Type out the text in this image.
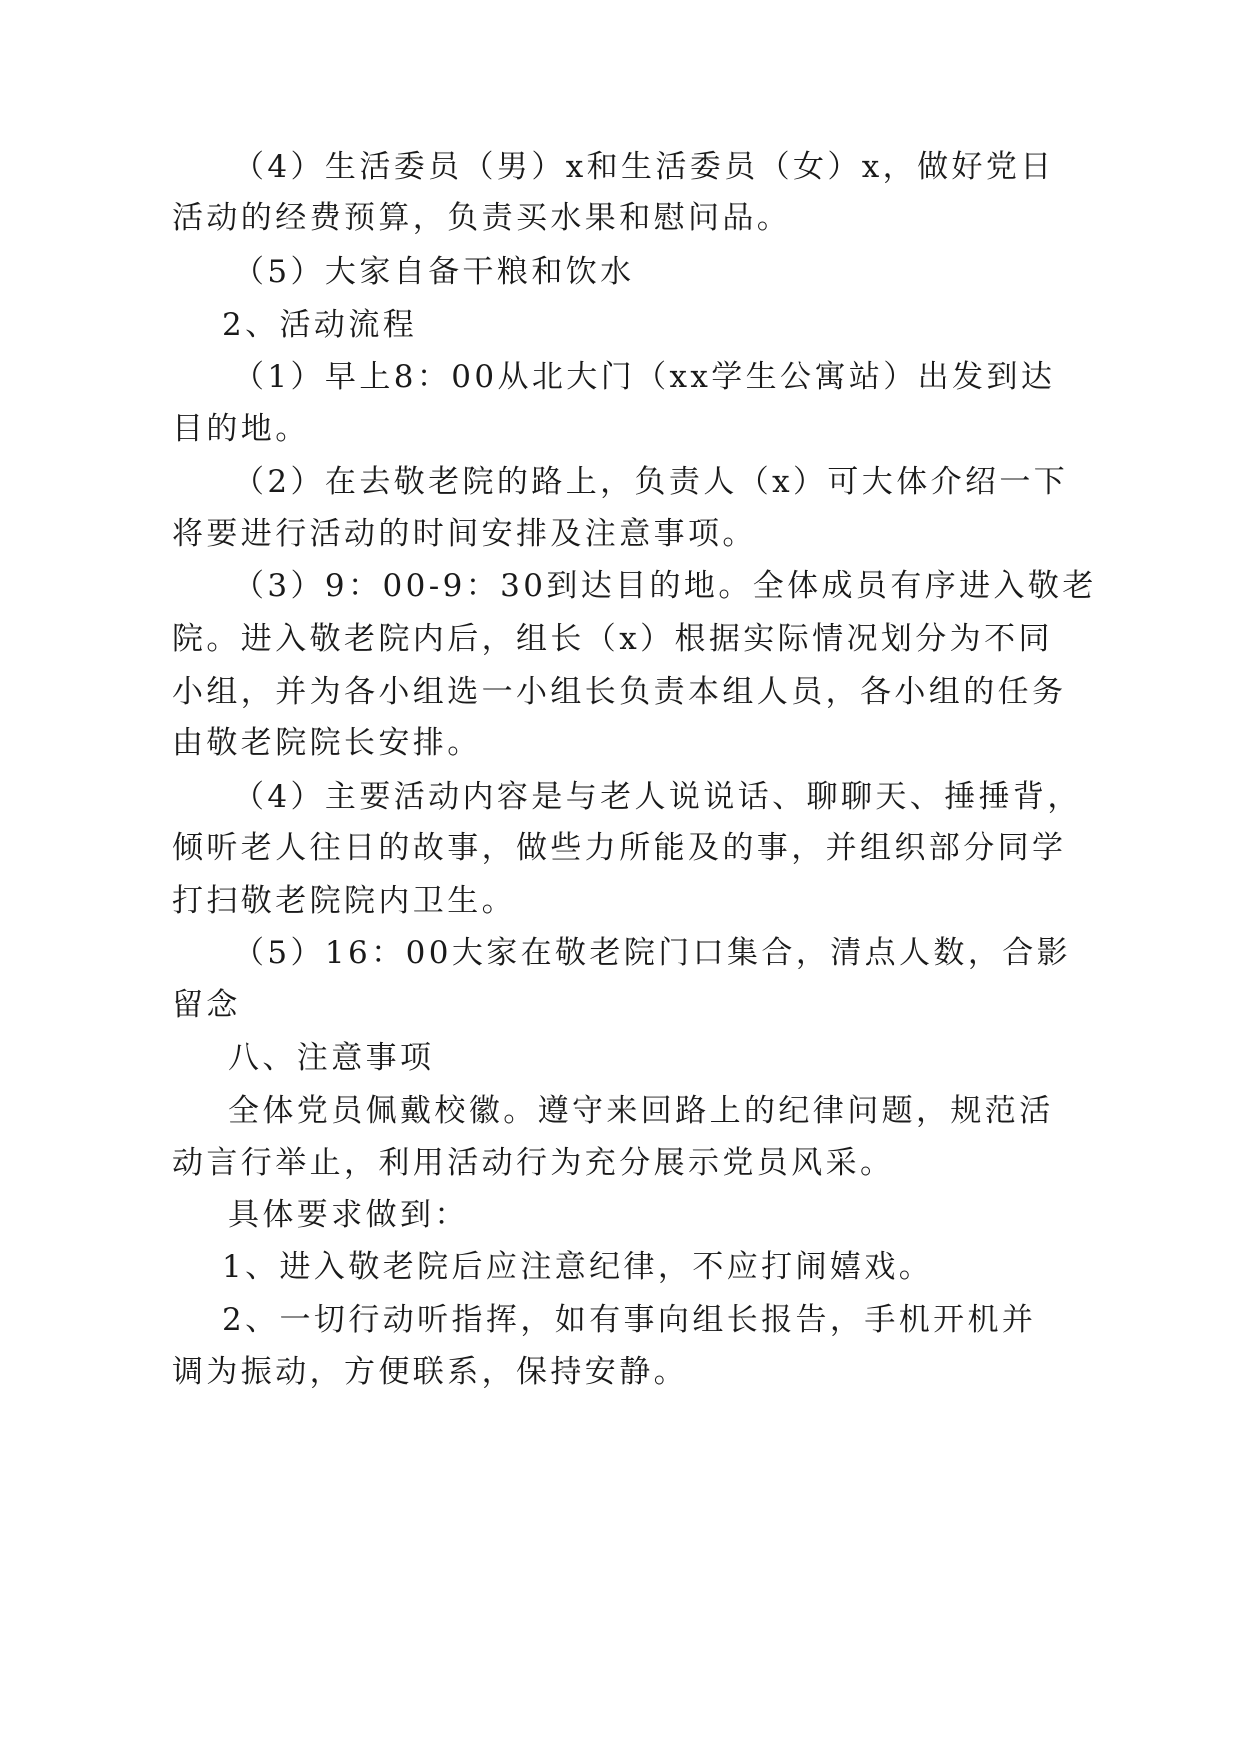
（4）生活委员（男）x和生活委员（女）x，做好党日
活动的经费预算，负责买水果和慰问品。
（5）大家自备干粮和饮水
2、活动流程
（1）早上8：00从北大门（xx学生公寓站）出发到达
目的地。
（2）在去敬老院的路上，负责人（x）可大体介绍一下
将要进行活动的时间安排及注意事项。
（3）9：00-9：30到达目的地。全体成员有序进入敬老
院。进入敬老院内后，组长（x）根据实际情况划分为不同
小组，并为各小组选一小组长负责本组人员，各小组的任务
由敬老院院长安排。
（4）主要活动内容是与老人说说话、聊聊天、捶捶背，
倾听老人往日的故事，做些力所能及的事，并组织部分同学
打扫敬老院院内卫生。
（5）16：00大家在敬老院门口集合，清点人数，合影
留念
八、注意事项
全体党员佩戴校徽。遵守来回路上的纪律问题，规范活
动言行举止，利用活动行为充分展示党员风采。
具体要求做到：
1、进入敬老院后应注意纪律，不应打闹嬉戏。
2、一切行动听指挥，如有事向组长报告，手机开机并
调为振动，方便联系，保持安静。
